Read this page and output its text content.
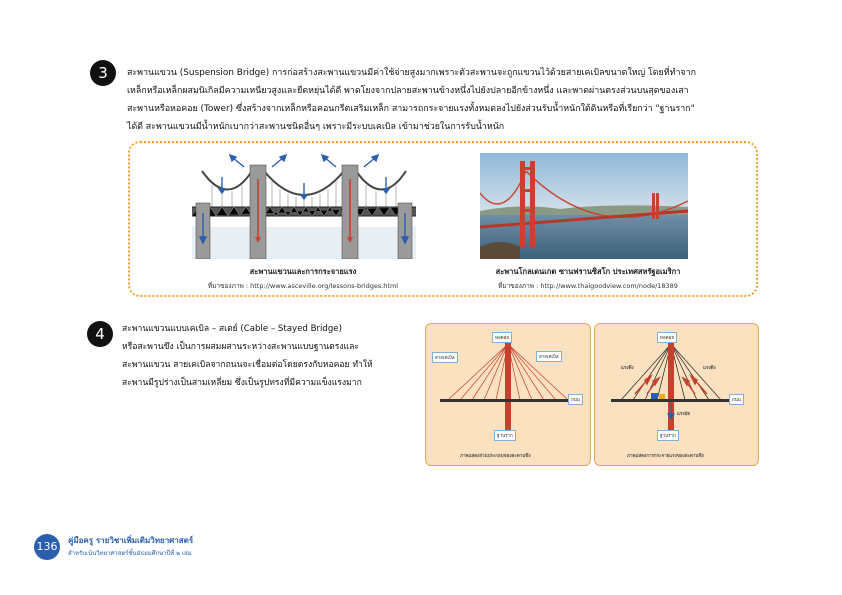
3	สะพานแขวน (Suspension Bridge) การก่อสร้างสะพานแขวนมีค่าใช้จ่ายสูงมากเพราะตัวสะพานจะถูกแขวนไว้ด้วยสายเคเบิลขนาดใหญ่ โดยที่ทำจาก
เหล็กหรือเหล็กผสมนิเกิลมีความเหนียวสูงและยืดหยุ่นได้ดี พาดโยงจากปลายสะพานข้างหนึ่งไปยังปลายอีกข้างหนึ่ง และพาดผ่านตรงส่วนบนสุดของเสา
สะพานหรือหอคอย (Tower) ซึ่งสร้างจากเหล็กหรือคอนกรีตเสริมเหล็ก สามารถกระจายแรงทั้งหมดลงไปยังส่วนรับน้ำหนักใต้ดินหรือที่เรียกว่า "ฐานราก"
ได้ดี สะพานแขวนมีน้ำหนักเบากว่าสะพานชนิดอื่นๆ เพราะมีระบบเคเบิล เข้ามาช่วยในการรับน้ำหนัก
สะพานแขวนและการกระจายแรง
ที่มาของภาพ : http://www.asceville.org/lessons-bridges.html
สะพานโกลเดนเกต ซานฟรานซิสโก ประเทศสหรัฐอเมริกา
ที่มาของภาพ : http://www.thaigoodview.com/node/18389
4	สะพานแขวนแบบเคเบิล – สเตย์ (Cable – Stayed Bridge)
หรือสะพานขึง เป็นการผสมผสานระหว่างสะพานแบบฐานตรงและ
สะพานแขวน สายเคเบิลจากถนนจะเชื่อมต่อโดยตรงกับหอคอย ทำให้
สะพานมีรูปร่างเป็นสามเหลี่ยม ซึ่งเป็นรูปทรงที่มีความแข็งแรงมาก
หอคอย
สายเคเบิล	สายเคเบิล
ถนน
ฐานราก
ภาพแสดงส่วนประกอบของสะพานขึง
หอคอย
แรงดึง	แรงดึง
ถนน
แรงอัด
ฐานราก
ภาพแสดงการกระจายแรงของสะพานขึง
136	คู่มือครู รายวิชาเพิ่มเติมวิทยาศาสตร์
สำหรับเน้นวิทยาศาสตร์ชั้นมัธยมศึกษาปีที่ ๒ เล่ม
